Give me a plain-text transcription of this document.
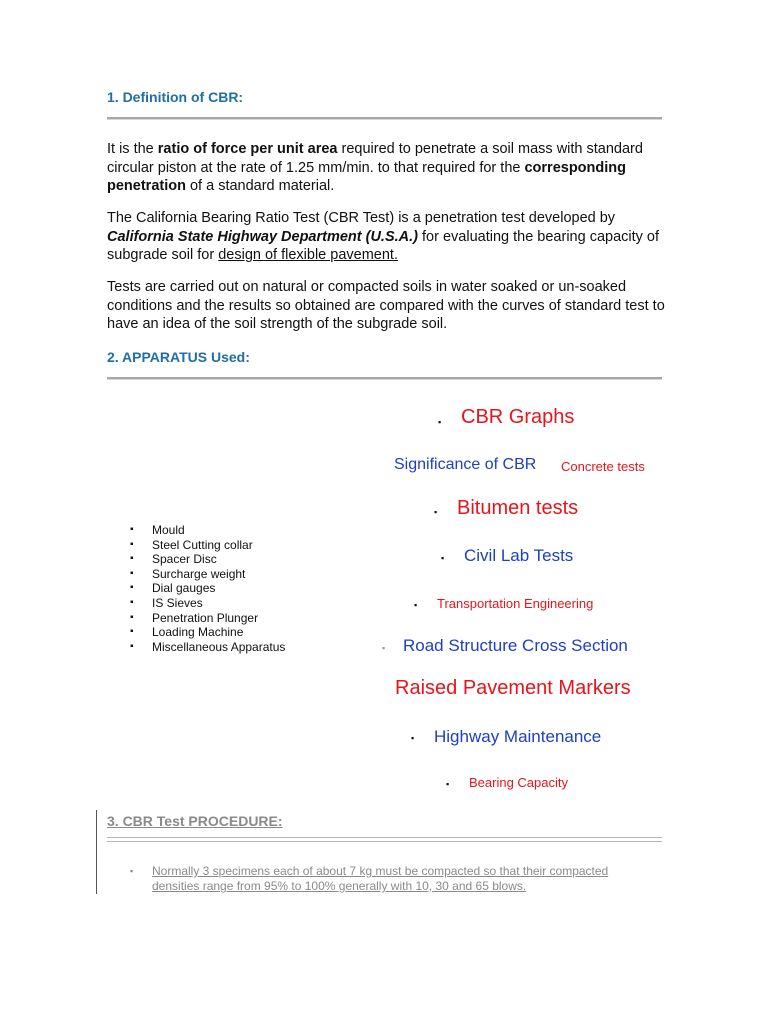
1. Definition of CBR:
It is the ratio of force per unit area required to penetrate a soil mass with standard circular piston at the rate of 1.25 mm/min. to that required for the corresponding penetration of a standard material.
The California Bearing Ratio Test (CBR Test) is a penetration test developed by California State Highway Department (U.S.A.) for evaluating the bearing capacity of subgrade soil for design of flexible pavement.
Tests are carried out on natural or compacted soils in water soaked or un-soaked conditions and the results so obtained are compared with the curves of standard test to have an idea of the soil strength of the subgrade soil.
2. APPARATUS Used:
▪ Mould
▪ Steel Cutting collar
▪ Spacer Disc
▪ Surcharge weight
▪ Dial gauges
▪ IS Sieves
▪ Penetration Plunger
▪ Loading Machine
▪ Miscellaneous Apparatus
▪ CBR Graphs
Significance of CBR Concrete tests
▪ Bitumen tests
▪ Civil Lab Tests
▪ Transportation Engineering
▪ Road Structure Cross Section
Raised Pavement Markers
▪ Highway Maintenance
▪ Bearing Capacity
3. CBR Test PROCEDURE:
▪ Normally 3 specimens each of about 7 kg must be compacted so that their compacted densities range from 95% to 100% generally with 10, 30 and 65 blows.
